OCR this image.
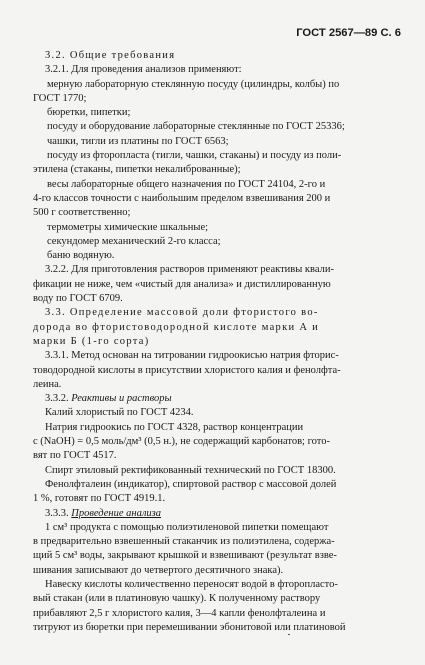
ГОСТ 2567—89 С. 6
3.2. Общие требования
3.2.1. Для проведения анализов применяют:
мерную лабораторную стеклянную посуду (цилиндры, колбы) по
ГОСТ 1770;
бюретки, пипетки;
посуду и оборудование лабораторные стеклянные по ГОСТ 25336;
чашки, тигли из платины по ГОСТ 6563;
посуду из фторопласта (тигли, чашки, стаканы) и посуду из поли-
этилена (стаканы, пипетки некалиброванные);
весы лабораторные общего назначения по ГОСТ 24104, 2-го и
4-го классов точности с наибольшим пределом взвешивания 200 и
500 г соответственно;
термометры химические шкальные;
секундомер механический 2-го класса;
баню водяную.
3.2.2. Для приготовления растворов применяют реактивы квали-
фикации не ниже, чем «чистый для анализа» и дистиллированную
воду по ГОСТ 6709.
3.3. Определение массовой доли фтористого во-
дорода во фтористоводородной кислоте марки А и
марки Б (1-го сорта)
3.3.1. Метод основан на титровании гидроокисью натрия фторис-
товодородной кислоты в присутствии хлористого калия и фенолфта-
леина.
3.3.2. Реактивы и растворы
Калий хлористый по ГОСТ 4234.
Натрия гидроокись по ГОСТ 4328, раствор концентрации
с (NaOH) = 0,5 моль/дм³ (0,5 н.), не содержащий карбонатов; гото-
вят по ГОСТ 4517.
Спирт этиловый ректификованный технический по ГОСТ 18300.
Фенолфталеин (индикатор), спиртовой раствор с массовой долей
1 %, готовят по ГОСТ 4919.1.
3.3.3. Проведение анализа
1 см³ продукта с помощью полиэтиленовой пипетки помещают
в предварительно взвешенный стаканчик из полиэтилена, содержа-
щий 5 см³ воды, закрывают крышкой и взвешивают (результат взве-
шивания записывают до четвертого десятичного знака).
Навеску кислоты количественно переносят водой в фторопласто-
вый стакан (или в платиновую чашку). К полученному раствору
прибавляют 2,5 г хлористого калия, 3—4 капли фенолфталеина и
титруют из бюретки при перемешивании эбонитовой или платиновой
